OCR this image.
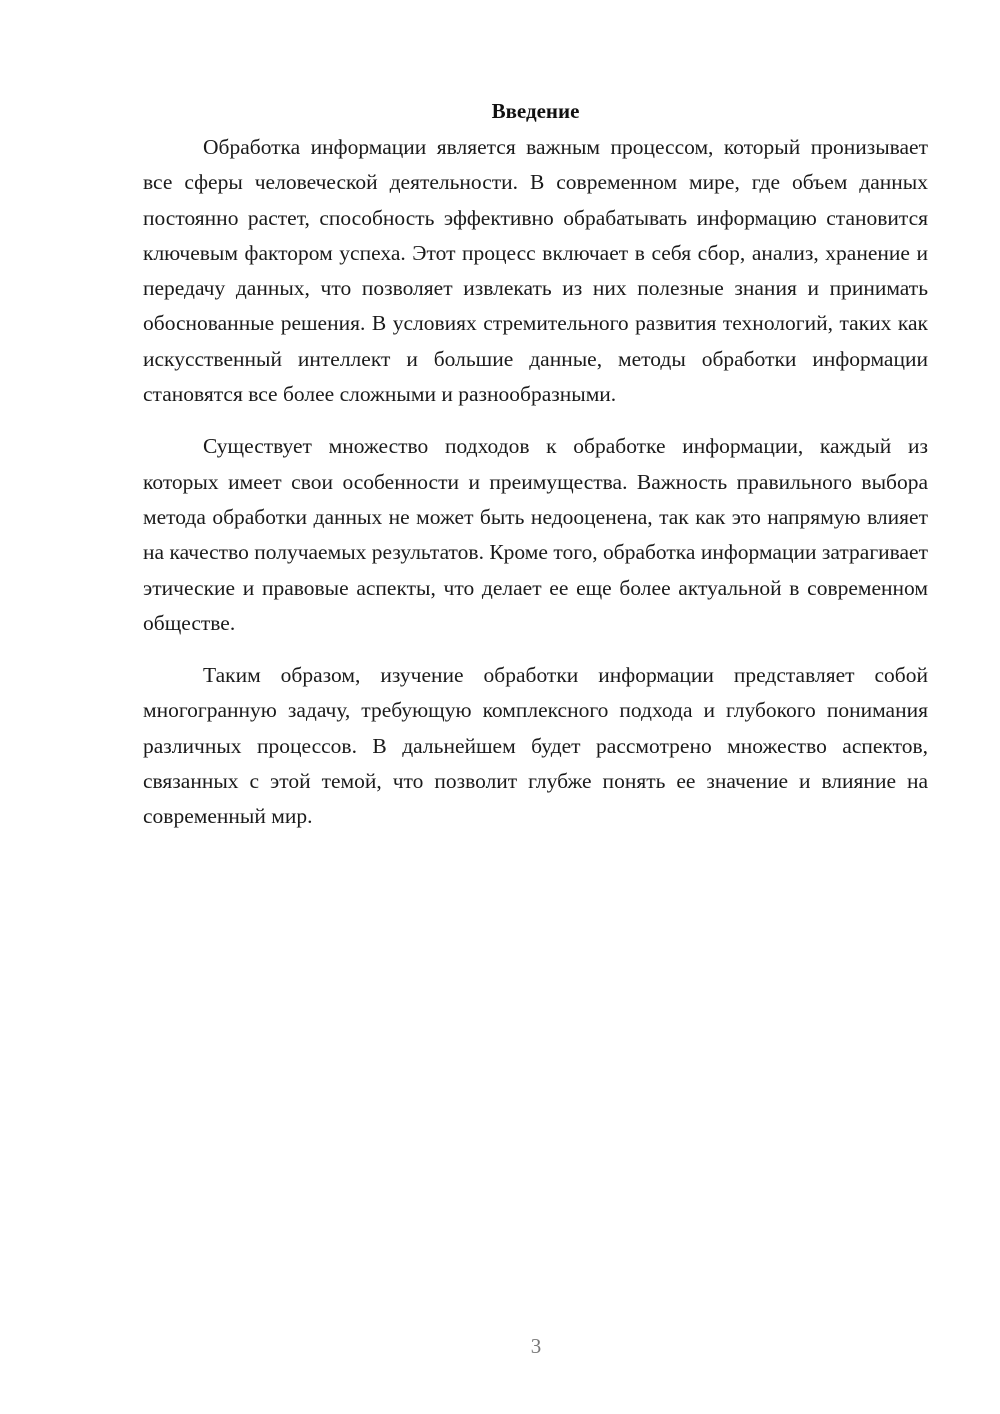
Введение

Обработка информации является важным процессом, который пронизывает все сферы человеческой деятельности. В современном мире, где объем данных постоянно растет, способность эффективно обрабатывать информацию становится ключевым фактором успеха. Этот процесс включает в себя сбор, анализ, хранение и передачу данных, что позволяет извлекать из них полезные знания и принимать обоснованные решения. В условиях стремительного развития технологий, таких как искусственный интеллект и большие данные, методы обработки информации становятся все более сложными и разнообразными.

Существует множество подходов к обработке информации, каждый из которых имеет свои особенности и преимущества. Важность правильного выбора метода обработки данных не может быть недооценена, так как это напрямую влияет на качество получаемых результатов. Кроме того, обработка информации затрагивает этические и правовые аспекты, что делает ее еще более актуальной в современном обществе.

Таким образом, изучение обработки информации представляет собой многогранную задачу, требующую комплексного подхода и глубокого понимания различных процессов. В дальнейшем будет рассмотрено множество аспектов, связанных с этой темой, что позволит глубже понять ее значение и влияние на современный мир.

3
